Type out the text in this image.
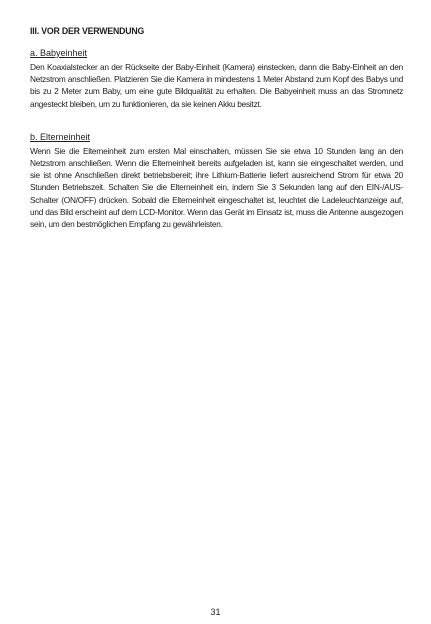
III. VOR DER VERWENDUNG
a. Babyeinheit

Den Koaxialstecker an der Rückseite der Baby-Einheit (Kamera) einstecken, dann die Baby-Einheit an den Netzstrom anschließen. Platzieren Sie die Kamera in mindestens 1 Meter Abstand zum Kopf des Babys und bis zu 2 Meter zum Baby, um eine gute Bildqualität zu erhalten. Die Babyeinheit muss an das Stromnetz angesteckt bleiben, um zu funktionieren, da sie keinen Akku besitzt.

b. Elterneinheit

Wenn Sie die Elterneinheit zum ersten Mal einschalten, müssen Sie sie etwa 10 Stunden lang an den Netzstrom anschließen. Wenn die Elterneinheit bereits aufgeladen ist, kann sie eingeschaltet werden, und sie ist ohne Anschließen direkt betriebsbereit; ihre Lithium-Batterie liefert ausreichend Strom für etwa 20 Stunden Betriebszeit. Schalten Sie die Elterneinheit ein, indem Sie 3 Sekunden lang auf den EIN-/AUS-Schalter (ON/OFF) drücken. Sobald die Elterneinheit eingeschaltet ist, leuchtet die Ladeleuchtanzeige auf, und das Bild erscheint auf dem LCD-Monitor. Wenn das Gerät im Einsatz ist, muss die Antenne ausgezogen sein, um den bestmöglichen Empfang zu gewährleisten.

31
